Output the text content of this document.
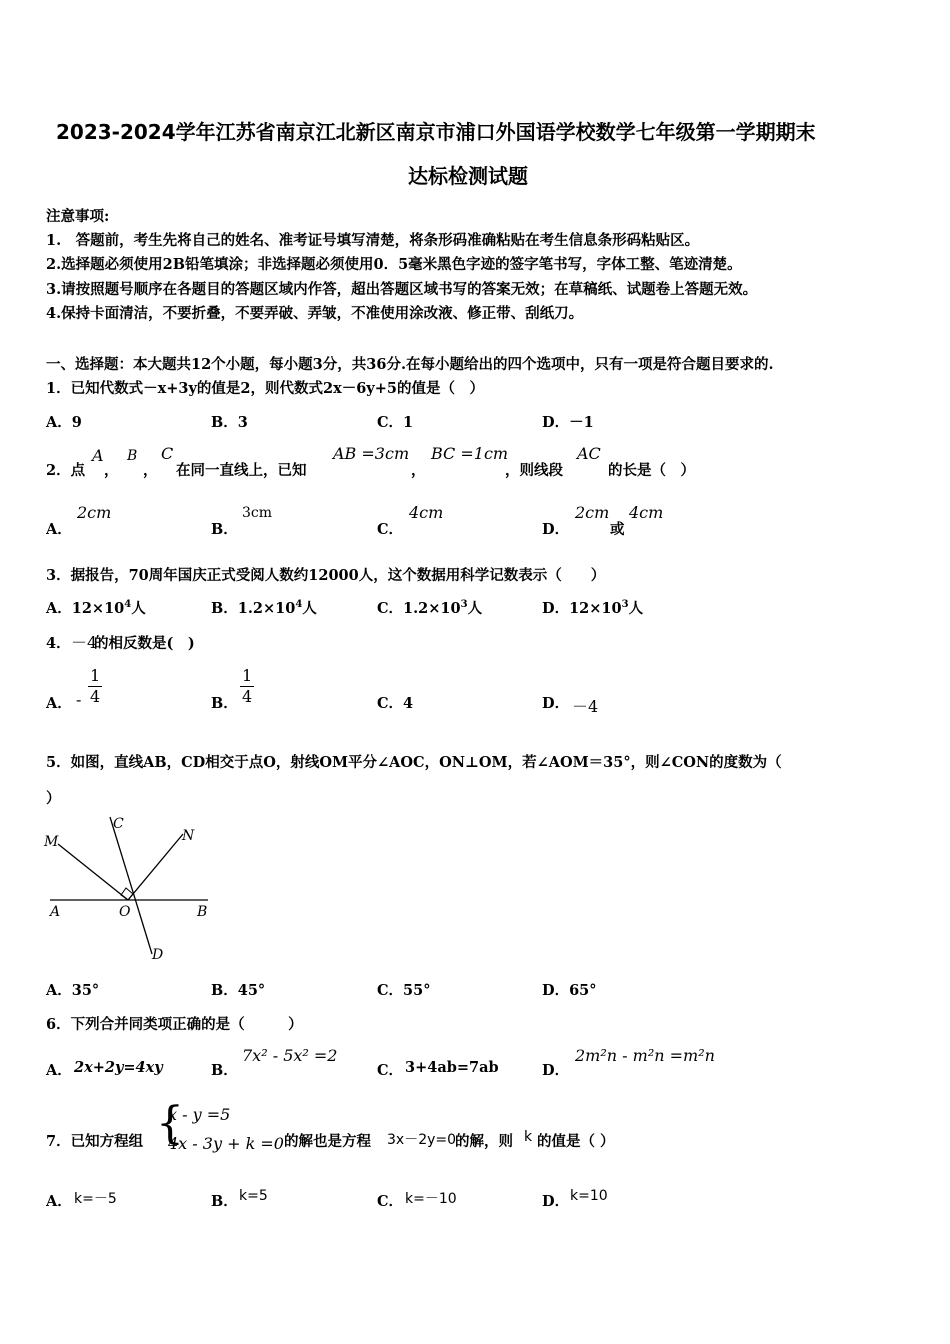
2023-2024学年江苏省南京江北新区南京市浦口外国语学校数学七年级第一学期期末
达标检测试题
注意事项:
1.　答题前，考生先将自己的姓名、准考证号填写清楚，将条形码准确粘贴在考生信息条形码粘贴区。
2.选择题必须使用2B铅笔填涂；非选择题必须使用0．5毫米黑色字迹的签字笔书写，字体工整、笔迹清楚。
3.请按照题号顺序在各题目的答题区域内作答，超出答题区域书写的答案无效；在草稿纸、试题卷上答题无效。
4.保持卡面清洁，不要折叠，不要弄破、弄皱，不准使用涂改液、修正带、刮纸刀。
一、选择题：本大题共12个小题，每小题3分，共36分.在每小题给出的四个选项中，只有一项是符合题目要求的.
1．已知代数式－x+3y的值是2，则代数式2x－6y+5的值是（　）
A．9	B．3	C．1	D．－1
2．点
A
，
B
，
C
在同一直线上，已知
AB =3cm
，
BC =1cm
，则线段
AC
的长是（　）
A．
2cm
B．
3cm
C．
4cm
D．
2cm
或
4cm
3．据报告，70周年国庆正式受阅人数约12000人，这个数据用科学记数表示（　　）
A．$12\times 10^4$人	B．$1.2\times 10^4$人	C．$1.2\times 10^3$人	D．$12\times 10^3$人
4． －4
的相反数是(　)
A． - $\frac{1}{4}$	B． $\frac{1}{4}$	C．4	D． －4
5．如图，直线AB，CD相交于点O，射线OM平分∠AOC，ON⊥OM，若∠AOM＝35°，则∠CON的度数为（
）
M
C
N
A	O	B
D
A．35°	B．45°	C．55°	D．65°
6．下列合并同类项正确的是（　　　）
A． 2x+2y=4xy	B．
7x² - 5x² =2
C． 3+4ab=7ab	D．
2m²n - m²n =m²n
7．已知方程组 {
x - y =5
4x - 3y + k =0 的解也是方程 3x－2y=0
的解，则 k 的值是（ ）
A． k=－5	B． k=5	C． k=－10	D． k=10
